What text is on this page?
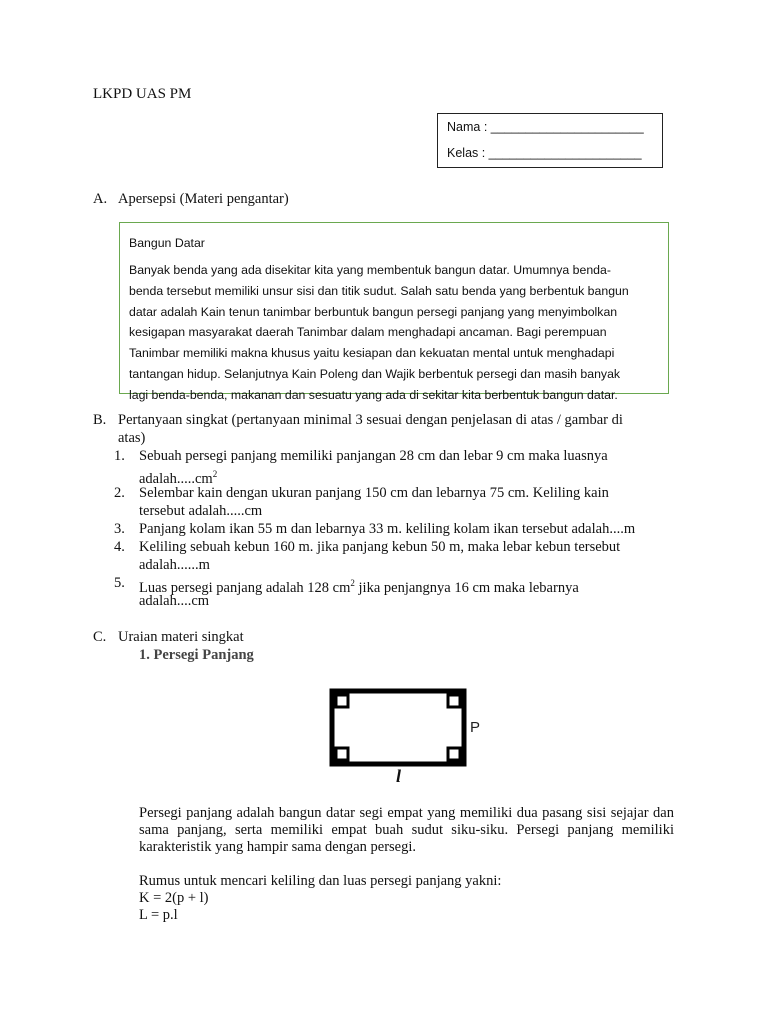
LKPD UAS PM
Nama : ______________________
Kelas : ______________________
A. Apersepsi (Materi pengantar)
Bangun Datar
Banyak benda yang ada disekitar kita yang membentuk bangun datar. Umumnya benda-
benda tersebut memiliki unsur sisi dan titik sudut. Salah satu benda yang berbentuk bangun
datar adalah Kain tenun tanimbar berbuntuk bangun persegi panjang yang menyimbolkan
kesigapan masyarakat daerah Tanimbar dalam menghadapi ancaman. Bagi perempuan
Tanimbar memiliki makna khusus yaitu kesiapan dan kekuatan mental untuk menghadapi
tantangan hidup. Selanjutnya Kain Poleng dan Wajik berbentuk persegi dan masih banyak
lagi benda-benda, makanan dan sesuatu yang ada di sekitar kita berbentuk bangun datar.
B. Pertanyaan singkat (pertanyaan minimal 3 sesuai dengan penjelasan di atas / gambar di
atas)
1. Sebuah persegi panjang memiliki panjangan 28 cm dan lebar 9 cm maka luasnya
$adalah.....cm^2$
2. Selembar kain dengan ukuran panjang 150 cm dan lebarnya 75 cm. Keliling kain
tersebut adalah.....cm
3. Panjang kolam ikan 55 m dan lebarnya 33 m. keliling kolam ikan tersebut adalah....m
4. Keliling sebuah kebun 160 m. jika panjang kebun 50 m, maka lebar kebun tersebut
adalah......m
5. Luas persegi panjang adalah 128 $cm^2$ jika penjangnya 16 cm maka lebarnya
adalah....cm
C. Uraian materi singkat
1. Persegi Panjang
P
l
Persegi panjang adalah bangun datar segi empat yang memiliki dua pasang sisi sejajar dan sama panjang, serta memiliki empat buah sudut siku-siku. Persegi panjang memiliki karakteristik yang hampir sama dengan persegi.
Rumus untuk mencari keliling dan luas persegi panjang yakni:
K = 2(p + l)
L = p.l
